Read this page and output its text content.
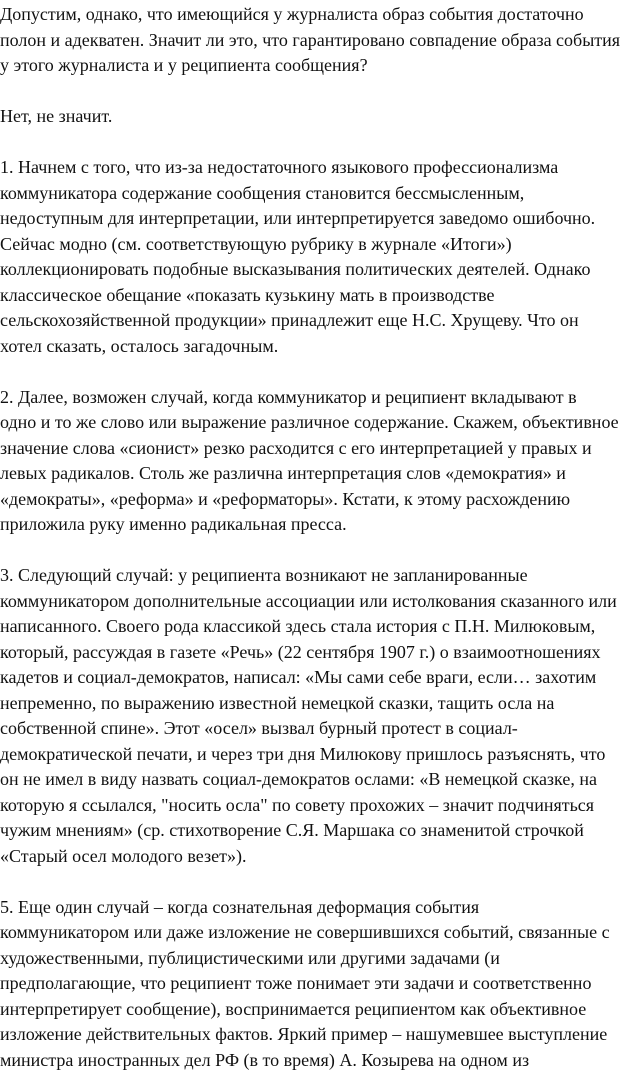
Допустим, однако, что имеющийся у журналиста образ события достаточно
полон и адекватен. Значит ли это, что гарантировано совпадение образа события
у этого журналиста и у реципиента сообщения?
Нет, не значит.
1. Начнем с того, что из-за недостаточного языкового профессионализма
коммуникатора содержание сообщения становится бессмысленным,
недоступным для интерпретации, или интерпретируется заведомо ошибочно.
Сейчас модно (см. соответствующую рубрику в журнале «Итоги»)
коллекционировать подобные высказывания политических деятелей. Однако
классическое обещание «показать кузькину мать в производстве
сельскохозяйственной продукции» принадлежит еще Н.С. Хрущеву. Что он
хотел сказать, осталось загадочным.
2. Далее, возможен случай, когда коммуникатор и реципиент вкладывают в
одно и то же слово или выражение различное содержание. Скажем, объективное
значение слова «сионист» резко расходится с его интерпретацией у правых и
левых радикалов. Столь же различна интерпретация слов «демократия» и
«демократы», «реформа» и «реформаторы». Кстати, к этому расхождению
приложила руку именно радикальная пресса.
3. Следующий случай: у реципиента возникают не запланированные
коммуникатором дополнительные ассоциации или истолкования сказанного или
написанного. Своего рода классикой здесь стала история с П.Н. Милюковым,
который, рассуждая в газете «Речь» (22 сентября 1907 г.) о взаимоотношениях
кадетов и социал-демократов, написал: «Мы сами себе враги, если… захотим
непременно, по выражению известной немецкой сказки, тащить осла на
собственной спине». Этот «осел» вызвал бурный протест в социал-
демократической печати, и через три дня Милюкову пришлось разъяснять, что
он не имел в виду назвать социал-демократов ослами: «В немецкой сказке, на
которую я ссылался, "носить осла" по совету прохожих – значит подчиняться
чужим мнениям» (ср. стихотворение С.Я. Маршака со знаменитой строчкой
«Старый осел молодого везет»).
5. Еще один случай – когда сознательная деформация события
коммуникатором или даже изложение не совершившихся событий, связанные с
художественными, публицистическими или другими задачами (и
предполагающие, что реципиент тоже понимает эти задачи и соответственно
интерпретирует сообщение), воспринимается реципиентом как объективное
изложение действительных фактов. Яркий пример – нашумевшее выступление
министра иностранных дел РФ (в то время) А. Козырева на одном из
